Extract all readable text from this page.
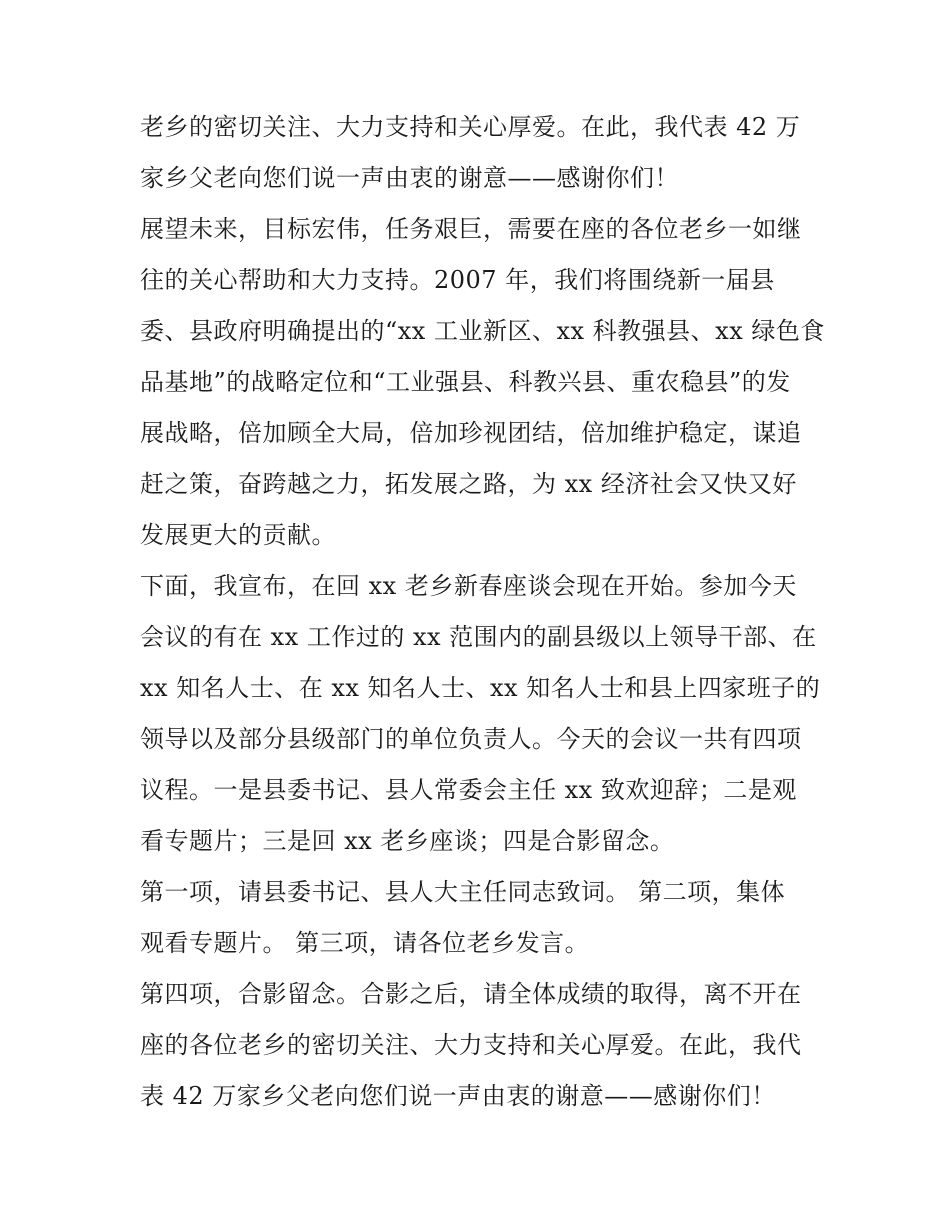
老乡的密切关注、大力支持和关心厚爱。在此，我代表 42 万
家乡父老向您们说一声由衷的谢意——感谢你们！
展望未来，目标宏伟，任务艰巨，需要在座的各位老乡一如继
往的关心帮助和大力支持。2007 年，我们将围绕新一届县
委、县政府明确提出的“xx 工业新区、xx 科教强县、xx 绿色食
品基地”的战略定位和“工业强县、科教兴县、重农稳县”的发
展战略，倍加顾全大局，倍加珍视团结，倍加维护稳定，谋追
赶之策，奋跨越之力，拓发展之路，为 xx 经济社会又快又好
发展更大的贡献。
下面，我宣布，在回 xx 老乡新春座谈会现在开始。参加今天
会议的有在 xx 工作过的 xx 范围内的副县级以上领导干部、在
xx 知名人士、在 xx 知名人士、xx 知名人士和县上四家班子的
领导以及部分县级部门的单位负责人。今天的会议一共有四项
议程。一是县委书记、县人常委会主任 xx 致欢迎辞；二是观
看专题片；三是回 xx 老乡座谈；四是合影留念。
第一项，请县委书记、县人大主任同志致词。 第二项，集体
观看专题片。 第三项，请各位老乡发言。
第四项，合影留念。合影之后，请全体成绩的取得，离不开在
座的各位老乡的密切关注、大力支持和关心厚爱。在此，我代
表 42 万家乡父老向您们说一声由衷的谢意——感谢你们！
